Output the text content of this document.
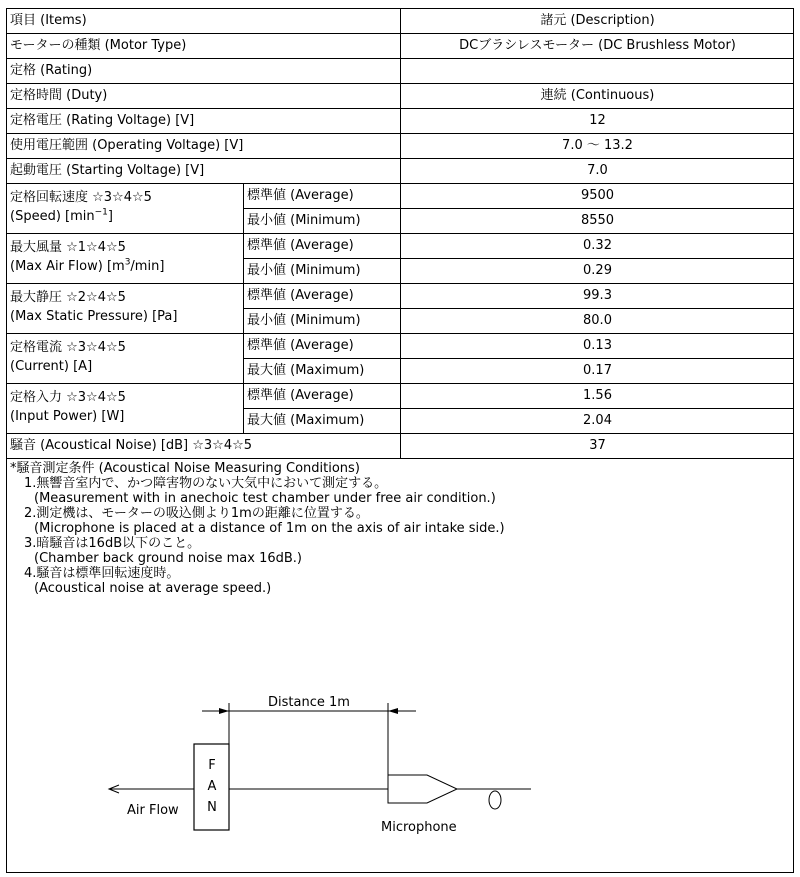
項目 (Items)		諸元 (Description)
モーターの種類 (Motor Type)		DCブラシレスモーター (DC Brushless Motor)
定格 (Rating)		
定格時間 (Duty)		連続 (Continuous)
定格電圧 (Rating Voltage) [V]		12
使用電圧範囲 (Operating Voltage) [V]		7.0 〜 13.2
起動電圧 (Starting Voltage) [V]		7.0

定格回転速度 ☆3☆4☆5
(Speed) $[\min^{-1}]$	標準値 (Average)	9500
	最小値 (Minimum)	8550

最大風量 ☆1☆4☆5
(Max Air Flow) $[m^3/\min]$	標準値 (Average)	0.32
	最小値 (Minimum)	0.29

最大静圧 ☆2☆4☆5
(Max Static Pressure) [Pa]	標準値 (Average)	99.3
	最小値 (Minimum)	80.0

定格電流 ☆3☆4☆5
(Current) [A]	標準値 (Average)	0.13
	最大値 (Maximum)	0.17

定格入力 ☆3☆4☆5
(Input Power) [W]	標準値 (Average)	1.56
	最大値 (Maximum)	2.04
騒音 (Acoustical Noise) [dB] ☆3☆4☆5		37
*騒音測定条件 (Acoustical Noise Measuring Conditions)
1.無響音室内で、かつ障害物のない大気中において測定する。
(Measurement with in anechoic test chamber under free air condition.)
2.測定機は、モーターの吸込側より1mの距離に位置する。
(Microphone is placed at a distance of 1m on the axis of air intake side.)
3.暗騒音は16dB以下のこと。
(Chamber back ground noise max 16dB.)
4.騒音は標準回転速度時。
(Acoustical noise at average speed.)
Distance 1m
F
A
N
Air Flow
Microphone
